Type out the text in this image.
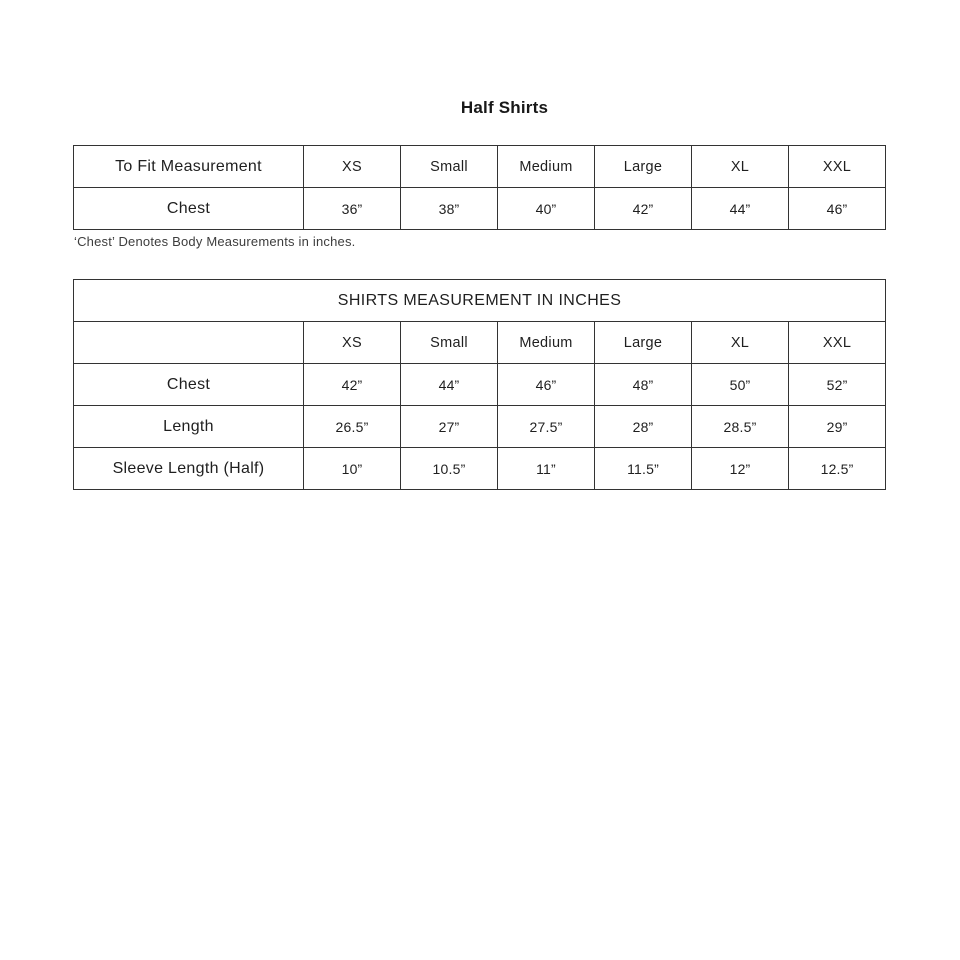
Half Shirts
To Fit Measurement	XS	Small	Medium	Large	XL	XXL
Chest	36”	38”	40”	42”	44”	46”

‘Chest’ Denotes Body Measurements in inches.

SHIRTS MEASUREMENT IN INCHES						
	XS	Small	Medium	Large	XL	XXL
Chest	42”	44”	46”	48”	50”	52”
Length	26.5”	27”	27.5”	28”	28.5”	29”
Sleeve Length (Half)	10”	10.5”	11”	11.5”	12”	12.5”
